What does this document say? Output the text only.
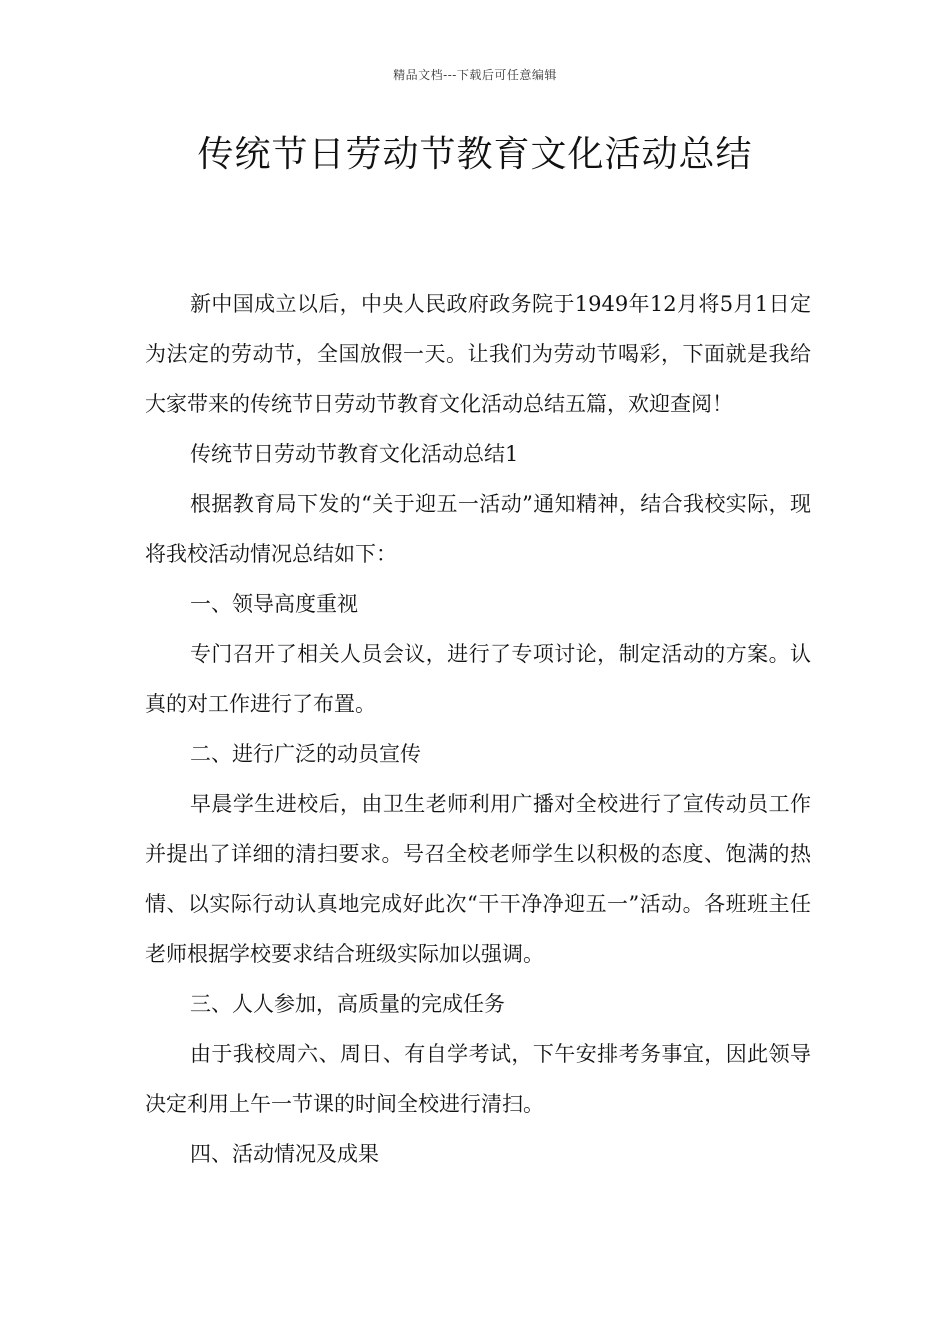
精品文档---下载后可任意编辑
传统节日劳动节教育文化活动总结

新中国成立以后，中央人民政府政务院于1949年12月将5月1日定为法定的劳动节，全国放假一天。让我们为劳动节喝彩，下面就是我给大家带来的传统节日劳动节教育文化活动总结五篇，欢迎查阅！

传统节日劳动节教育文化活动总结1

根据教育局下发的“关于迎五一活动”通知精神，结合我校实际，现将我校活动情况总结如下：

一、领导高度重视

专门召开了相关人员会议，进行了专项讨论，制定活动的方案。认真的对工作进行了布置。

二、进行广泛的动员宣传

早晨学生进校后，由卫生老师利用广播对全校进行了宣传动员工作并提出了详细的清扫要求。号召全校老师学生以积极的态度、饱满的热情、以实际行动认真地完成好此次“干干净净迎五一”活动。各班班主任老师根据学校要求结合班级实际加以强调。

三、人人参加，高质量的完成任务

由于我校周六、周日、有自学考试，下午安排考务事宜，因此领导决定利用上午一节课的时间全校进行清扫。

四、活动情况及成果
